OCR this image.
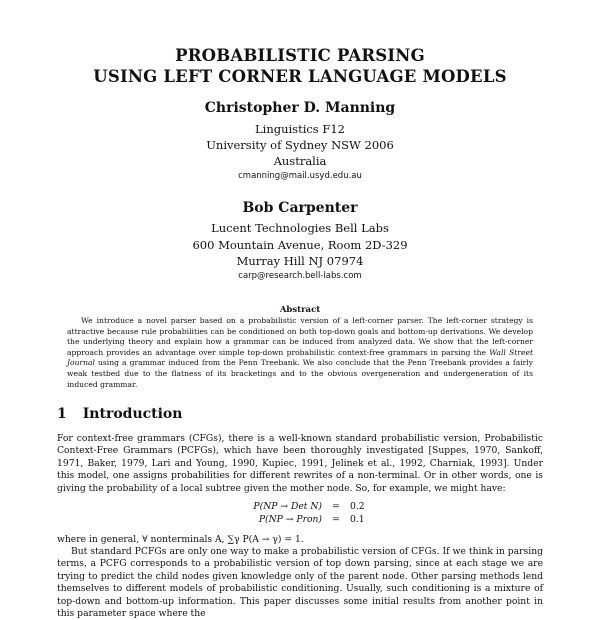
PROBABILISTIC PARSING
USING LEFT CORNER LANGUAGE MODELS
Christopher D. Manning
Linguistics F12
University of Sydney NSW 2006
Australia
cmanning@mail.usyd.edu.au
Bob Carpenter
Lucent Technologies Bell Labs
600 Mountain Avenue, Room 2D-329
Murray Hill NJ 07974
carp@research.bell-labs.com
Abstract

We introduce a novel parser based on a probabilistic version of a left-corner parser. The left-corner strategy is attractive because rule probabilities can be conditioned on both top-down goals and bottom-up derivations. We develop the underlying theory and explain how a grammar can be induced from analyzed data. We show that the left-corner approach provides an advantage over simple top-down probabilistic context-free grammars in parsing the Wall Street Journal using a grammar induced from the Penn Treebank. We also conclude that the Penn Treebank provides a fairly weak testbed due to the flatness of its bracketings and to the obvious overgeneration and undergeneration of its induced grammar.

1 Introduction

For context-free grammars (CFGs), there is a well-known standard probabilistic version, Probabilistic Context-Free Grammars (PCFGs), which have been thoroughly investigated [Suppes, 1970, Sankoff, 1971, Baker, 1979, Lari and Young, 1990, Kupiec, 1991, Jelinek et al., 1992, Charniak, 1993]. Under this model, one assigns probabilities for different rewrites of a non-terminal. Or in other words, one is giving the probability of a local subtree given the mother node. So, for example, we might have:

P(NP → Det N)	=	0.2
P(NP → Pron)	=	0.1

where in general, ∀ nonterminals A, ∑γ P(A → γ) = 1.

But standard PCFGs are only one way to make a probabilistic version of CFGs. If we think in parsing terms, a PCFG corresponds to a probabilistic version of top down parsing, since at each stage we are trying to predict the child nodes given knowledge only of the parent node. Other parsing methods lend themselves to different models of probabilistic conditioning. Usually, such conditioning is a mixture of top-down and bottom-up information. This paper discusses some initial results from another point in this parameter space where the
